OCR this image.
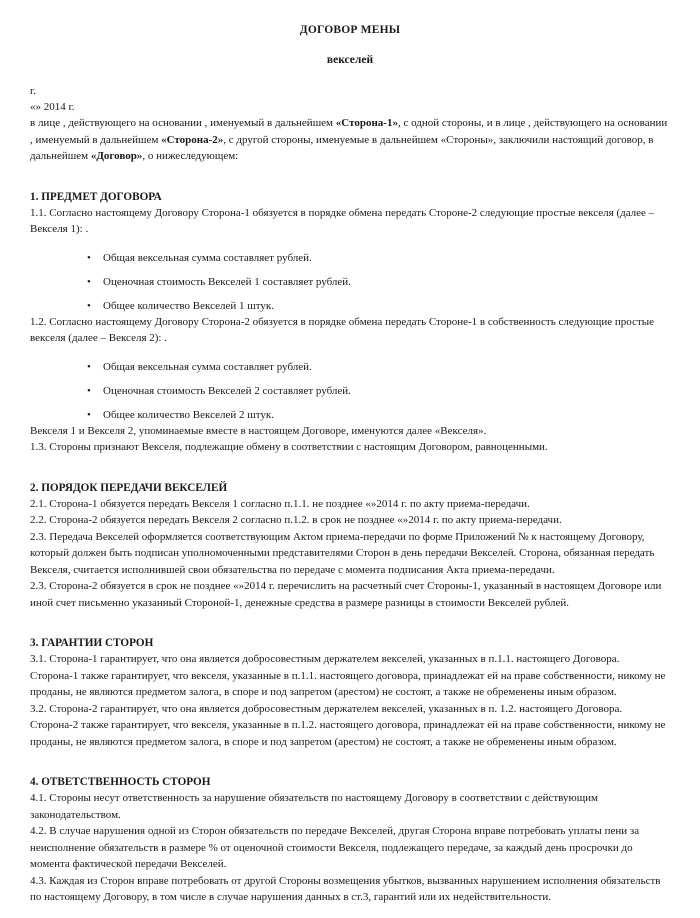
ДОГОВОР МЕНЫ
векселей

г.

«» 2014 г.

в лице , действующего на основании , именуемый в дальнейшем «Сторона-1», с одной стороны, и в лице , действующего на основании , именуемый в дальнейшем «Сторона-2», с другой стороны, именуемые в дальнейшем «Стороны», заключили настоящий договор, в дальнейшем «Договор», о нижеследующем:

1. ПРЕДМЕТ ДОГОВОРА

1.1. Согласно настоящему Договору Сторона-1 обязуется в порядке обмена передать Стороне-2 следующие простые векселя (далее – Векселя 1): .

• Общая вексельная сумма составляет рублей.
• Оценочная стоимость Векселей 1 составляет рублей.
• Общее количество Векселей 1 штук.

1.2. Согласно настоящему Договору Сторона-2 обязуется в порядке обмена передать Стороне-1 в собственность следующие простые векселя (далее – Векселя 2): .

• Общая вексельная сумма составляет рублей.
• Оценочная стоимость Векселей 2 составляет рублей.
• Общее количество Векселей 2 штук.

Векселя 1 и Векселя 2, упоминаемые вместе в настоящем Договоре, именуются далее «Векселя».

1.3. Стороны признают Векселя, подлежащие обмену в соответствии с настоящим Договором, равноценными.

2. ПОРЯДОК ПЕРЕДАЧИ ВЕКСЕЛЕЙ

2.1. Сторона-1 обязуется передать Векселя 1 согласно п.1.1. не позднее «»2014 г. по акту приема-передачи.

2.2. Сторона-2 обязуется передать Векселя 2 согласно п.1.2. в срок не позднее «»2014 г. по акту приема-передачи.

2.3. Передача Векселей оформляется соответствующим Актом приема-передачи по форме Приложений № к настоящему Договору, который должен быть подписан уполномоченными представителями Сторон в день передачи Векселей. Сторона, обязанная передать Векселя, считается исполнившей свои обязательства по передаче с момента подписания Акта приема-передачи.

2.3. Сторона-2 обязуется в срок не позднее «»2014 г. перечислить на расчетный счет Стороны-1, указанный в настоящем Договоре или иной счет письменно указанный Стороной-1, денежные средства в размере разницы в стоимости Векселей рублей.

3. ГАРАНТИИ СТОРОН

3.1. Сторона-1 гарантирует, что она является добросовестным держателем векселей, указанных в п.1.1. настоящего Договора. Сторона-1 также гарантирует, что векселя, указанные в п.1.1. настоящего договора, принадлежат ей на праве собственности, никому не проданы, не являются предметом залога, в споре и под запретом (арестом) не состоят, а также не обременены иным образом.

3.2. Сторона-2 гарантирует, что она является добросовестным держателем векселей, указанных в п. 1.2. настоящего Договора. Сторона-2 также гарантирует, что векселя, указанные в п.1.2. настоящего договора, принадлежат ей на праве собственности, никому не проданы, не являются предметом залога, в споре и под запретом (арестом) не состоят, а также не обременены иным образом.

4. ОТВЕТСТВЕННОСТЬ СТОРОН

4.1. Стороны несут ответственность за нарушение обязательств по настоящему Договору в соответствии с действующим законодательством.

4.2. В случае нарушения одной из Сторон обязательств по передаче Векселей, другая Сторона вправе потребовать уплаты пени за неисполнение обязательств в размере % от оценочной стоимости Векселя, подлежащего передаче, за каждый день просрочки до момента фактической передачи Векселей.

4.3. Каждая из Сторон вправе потребовать от другой Стороны возмещения убытков, вызванных нарушением исполнения обязательств по настоящему Договору, в том числе в случае нарушения данных в ст.3, гарантий или их недействительности.
